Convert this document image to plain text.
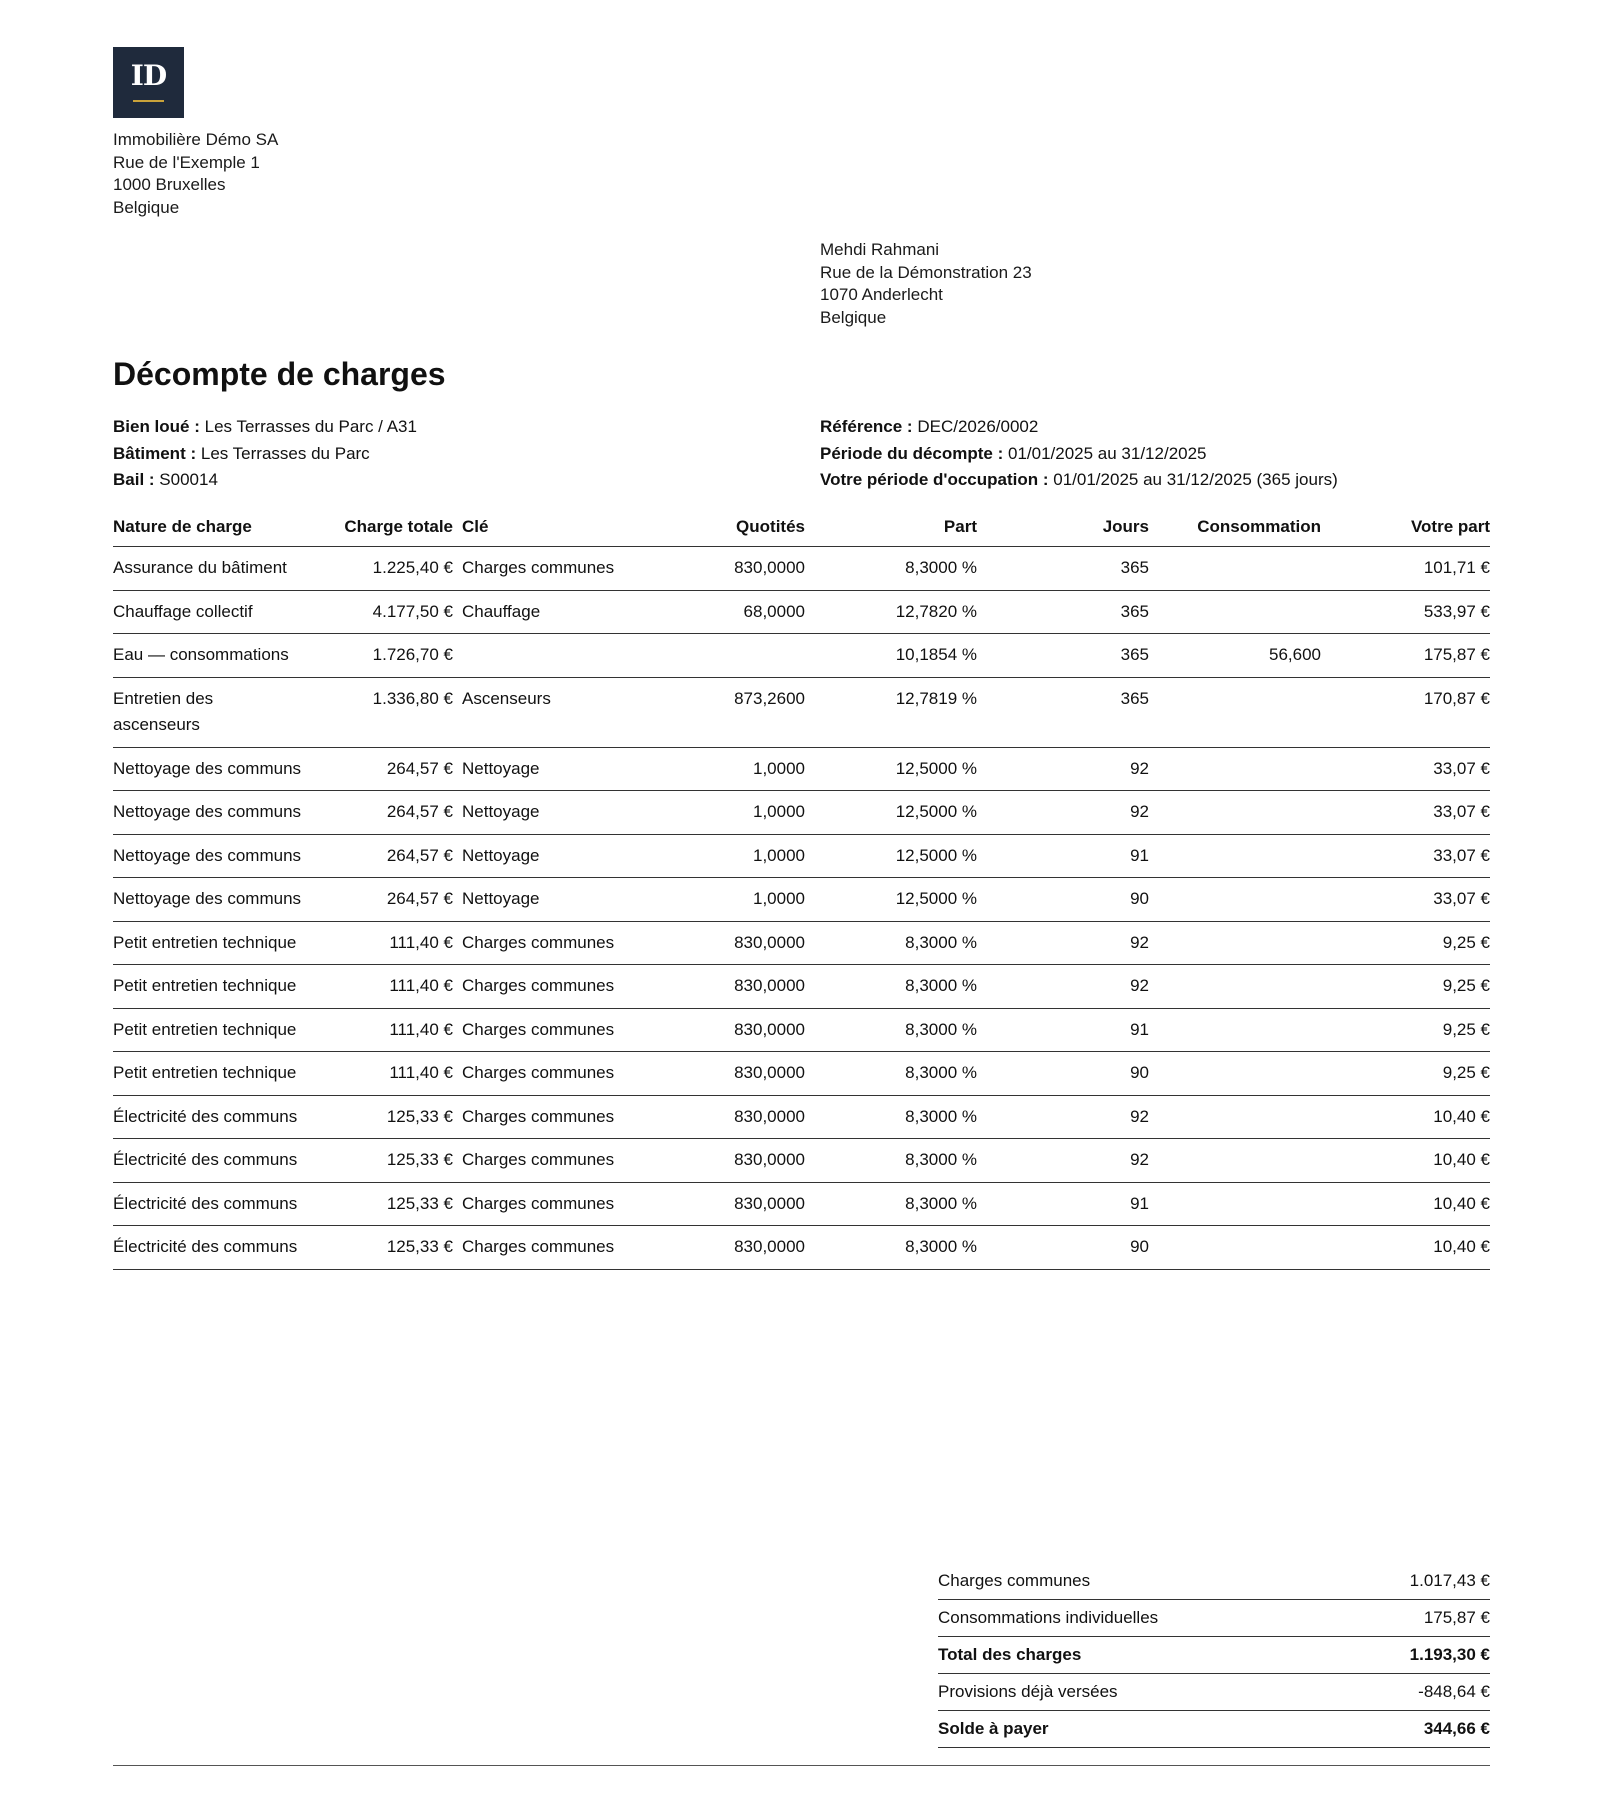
ID
Immobilière Démo SA
Rue de l'Exemple 1
1000 Bruxelles
Belgique
Mehdi Rahmani
Rue de la Démonstration 23
1070 Anderlecht
Belgique
Décompte de charges
Bien loué : Les Terrasses du Parc / A31
Bâtiment : Les Terrasses du Parc
Bail : S00014
Référence : DEC/2026/0002
Période du décompte : 01/01/2025 au 31/12/2025
Votre période d'occupation : 01/01/2025 au 31/12/2025 (365 jours)
Nature de charge	Charge totale	Clé	Quotités	Part	Jours	Consommation	Votre part
Assurance du bâtiment	1.225,40 €	Charges communes	830,0000	8,3000 %	365		101,71 €
Chauffage collectif	4.177,50 €	Chauffage	68,0000	12,7820 %	365		533,97 €
Eau — consommations	1.726,70 €			10,1854 %	365	56,600	175,87 €
Entretien des ascenseurs	1.336,80 €	Ascenseurs	873,2600	12,7819 %	365		170,87 €
Nettoyage des communs	264,57 €	Nettoyage	1,0000	12,5000 %	92		33,07 €
Nettoyage des communs	264,57 €	Nettoyage	1,0000	12,5000 %	92		33,07 €
Nettoyage des communs	264,57 €	Nettoyage	1,0000	12,5000 %	91		33,07 €
Nettoyage des communs	264,57 €	Nettoyage	1,0000	12,5000 %	90		33,07 €
Petit entretien technique	111,40 €	Charges communes	830,0000	8,3000 %	92		9,25 €
Petit entretien technique	111,40 €	Charges communes	830,0000	8,3000 %	92		9,25 €
Petit entretien technique	111,40 €	Charges communes	830,0000	8,3000 %	91		9,25 €
Petit entretien technique	111,40 €	Charges communes	830,0000	8,3000 %	90		9,25 €
Électricité des communs	125,33 €	Charges communes	830,0000	8,3000 %	92		10,40 €
Électricité des communs	125,33 €	Charges communes	830,0000	8,3000 %	92		10,40 €
Électricité des communs	125,33 €	Charges communes	830,0000	8,3000 %	91		10,40 €
Électricité des communs	125,33 €	Charges communes	830,0000	8,3000 %	90		10,40 €
Charges communes	1.017,43 €
Consommations individuelles	175,87 €
Total des charges	1.193,30 €
Provisions déjà versées	-848,64 €
Solde à payer	344,66 €
